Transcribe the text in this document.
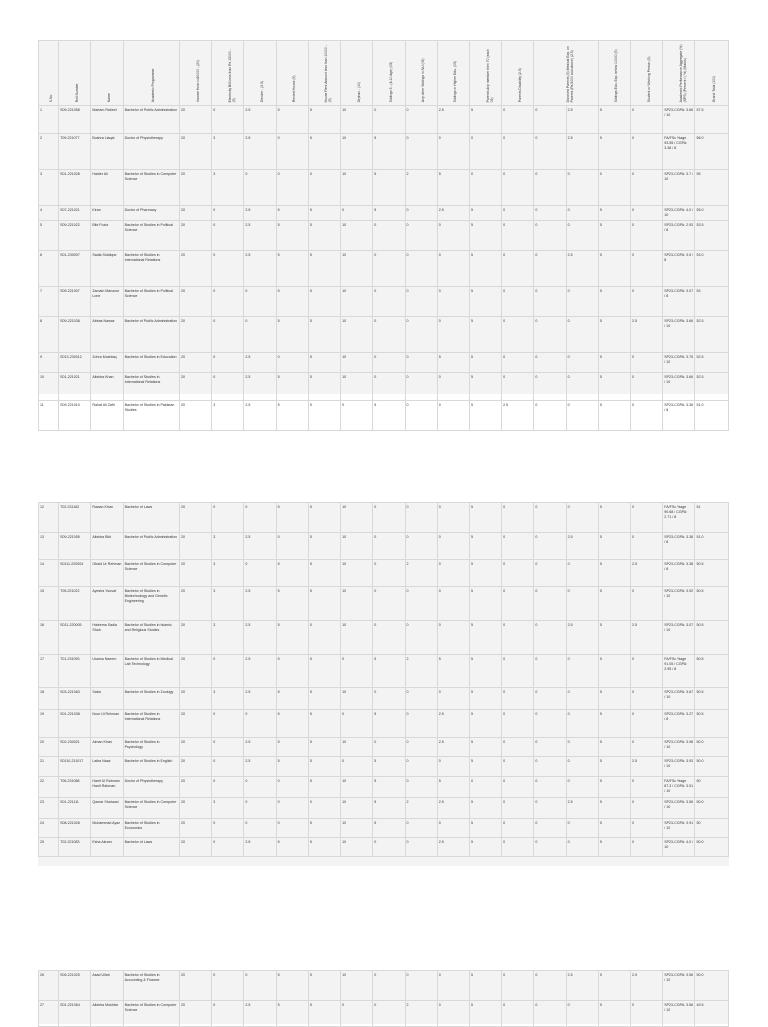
S.No	Roll Number	Name	Academic Programme	Income from <=80000 - (20)	Electricity Bill Less than Rs 15000 - (5)	Gender - (2.5)	Rented House (5)	House Rent Amount less than 10000 - (5)	Orphan - (10)	Siblings 5 - (4-10 Age) (05)	Any other Siblings in NU (05)	Siblings in Higher Edu. (05)	Parents Any member then 70 (each 05)	Parents Disability (2.5)	Divorced Parents (5) Medical Exp. on Parents (Rs.5000 and above) (2.5)		Siblings Edu. Exp. below 10000 (5)	Student or Working Person (5)	Academic Performance Aggregate (%) (SPS) (Percent / ( %) (Marks)	Grand Total (100)

1	S09-221058	Mariam Raheel	Bachelor of Public Administration	20	0	2.5	5	5	10	0	0	2.5	5	0	0	2.5	5	0	SP23-CGPA: 3.66 / 10	57.5
2	T09-221077	Bushra Liaqat	Doctor of Physiotherapy	20	3	2.5	0	5	10	5	0	0	0	0	0	2.5	5	0	FA/FSc %age 93.55 / CGPA: 3.38 / 8	56.0
3	S01-221028	Haider Ali	Bachelor of Studies in Computer Science	20	3	0	0	0	10	5	2	5	0	0	0	0	0	0	SP23-CGPA: 3.7 / 10	55
4	S07-221021	Kiran	Doctor of Pharmacy	20	0	2.5	5	5	0	5	0	2.5	5	0	0	0	5	0	SP23-CGPA: 4.0 / 10	55.0
5	S09-221022	Bibi Fozia	Bachelor of Studies in Political Science	20	0	2.5	5	5	10	0	0	0	5	0	0	0	5	0	SP23-CGPA: 2.93 / 8	53.5
6	S01-230007	Sadia Siddique	Bachelor of Studies in International Relations	20	0	2.5	5	5	10	0	0	0	5	0	0	2.5	5	0	SP23-CGPA: 3.5 / 8	53.0
7	S09-221007	Zamain Manzoor Lone	Bachelor of Studies in Political Science	20	0	0	5	5	10	0	0	0	5	0	0	0	5	0	SP23-CGPA: 3.07 / 8	53
8	S09-221038	Abbas Nawaz	Bachelor of Public Administration	20	0	0	5	5	10	0	0	0	5	0	0	0	5	2.5	SP23-CGPA: 3.66 / 10	52.5
9	S013-230012	Zohra Mushtaq	Bachelor of Studies in Education	20	0	2.5	0	5	10	0	0	5	5	0	0	0	5	0	SP23-CGPA: 3.75 / 10	52.5
10	S01-221021	Alishba Khan	Bachelor of Studies in International Relations	20	0	2.5	5	5	10	0	0	0	5	0	0	0	5	0	SP23-CGPA: 3.66 / 10	52.5
11	S09-221010	Rahat Ali Zafri	Bachelor of Studies in Pakistan Studies	20	3	2.5	5	5	0	5	0	0	5	2.5	0	0	5	0	SP23-CGPA: 3.38 / 8	51.0
12	T02-231182	Rawan Khan	Bachelor of Laws	20	0	0	5	5	10	0	0	0	5	0	0	0	5	0	FA/FSc %age 90.68 / CGPA: 2.71 / 8	51
13	S09-221055	Alishba Bibi	Bachelor of Public Administration	20	3	2.5	0	5	10	0	0	0	5	0	0	2.5	5	0	SP23-CGPA: 3.38 / 8	51.0
14	S0111-220004	Obaid Ur Rehman	Bachelor of Studies in Computer Science	20	3	0	5	5	10	0	2	0	5	0	0	0	5	2.5	SP23-CGPA: 3.38 / 8	50.5
15	T05-221022	Ayesha Yousaf	Bachelor of Studies in Biotechnology and Genetic Engineering	20	3	2.5	5	5	10	0	0	0	5	0	0	0	5	0	SP23-CGPA: 3.92 / 10	50.5
16	S011-220005	Haleema Sadia Shah	Bachelor of Studies in Islamic and Religious Studies	20	3	2.5	5	0	10	0	0	0	5	0	0	2.5	5	2.5	SP23-CGPA: 3.07 / 10	50.5
17	T01-231093	Usama Naeem	Bachelor of Studies in Medical Lab Technology	20	0	2.5	5	5	0	5	2	5	5	0	0	0	5	0	FA/FSc %age 91.05 / CGPA: 2.95 / 8	50.5
18	S03-221063	Saba	Bachelor of Studies in Zoology	20	3	2.5	5	5	10	0	0	0	5	0	0	0	5	0	SP23-CGPA: 3.67 / 10	50.5
19	S01-221038	Noor Ul Rehman	Bachelor of Studies in International Relations	20	0	0	5	5	0	5	0	2.5	5	0	0	0	5	0	SP23-CGPA: 3.27 / 8	50.5
20	S02-230021	Aiman Khan	Bachelor of Studies in Psychology	20	0	2.5	5	5	10	0	0	2.5	5	0	0	0	5	0	SP23-CGPA: 3.98 / 10	50.0
21	S0110-211017	Laiba Naaz	Bachelor of Studies in English	20	0	2.5	5	5	0	5	0	0	5	0	0	0	5	2.5	SP23-CGPA: 3.93 / 10	50.0
22	T06-231088	Hanif Ul Rahman Hanif Rahman	Doctor of Physiotherapy	20	0	0	0	5	10	5	0	5	0	0	0	0	5	0	FA/FSc %age 87.3 / CGPA: 3.51 / 10	50
23	S01-221111	Qamar Shahzad	Bachelor of Studies in Computer Science	20	3	0	0	0	10	5	2	2.5	5	0	0	2.5	5	0	SP23-CGPA: 3.56 / 10	50.0
24	S08-221028	Muhammad Ayaz	Bachelor of Studies in Economics	20	0	0	0	5	10	5	0	0	5	0	0	0	5	0	SP23-CGPA: 3.91 / 10	50
25	T02-221083	Esha Akram	Bachelor of Laws	20	0	2.5	5	5	10	0	0	2.5	5	0	0	0	5	0	SP23-CGPA: 4.0 / 10	50.0
26	S05-221025	Asad Ullah	Bachelor of Studies in Accounting & Finance	20	0	0	5	5	10	0	0	0	5	0	0	2.5	5	2.5	SP23-CGPA: 3.56 / 10	50.0
27	S01-221064	Alishba Mukhtar	Bachelor of Studies in Computer Science	20	0	2.5	5	5	0	0	2	0	5	0	0	0	5	0	SP23-CGPA: 3.56 / 10	49.5
